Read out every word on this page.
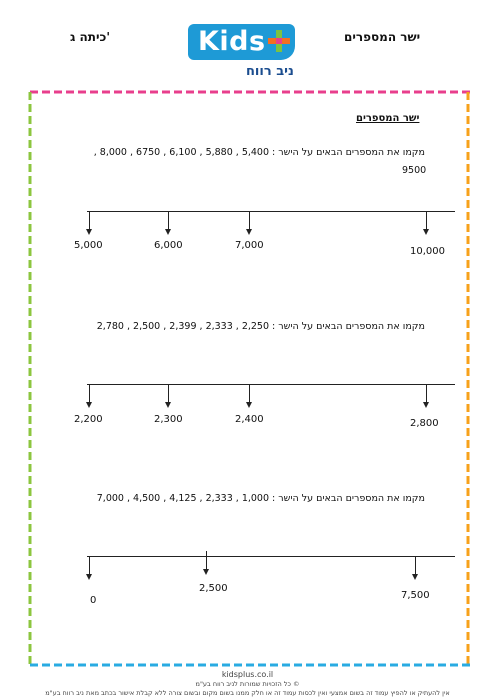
כיתה ג'	ישר המספרים
Kids
ניב רווח
ישר המספרים
מקמו את המספרים הבאים על הישר : 5,400 , 5,880 , 6,100 , 6750 , 8,000 ,
9500
5,000	6,000	7,000
10,000
מקמו את המספרים הבאים על הישר : 2,250 , 2,333 , 2,399 , 2,500 , 2,780
2,200	2,300	2,400	2,800
מקמו את המספרים הבאים על הישר : 1,000 , 2,333 , 4,125 , 4,500 , 7,000
0
2,500
7,500
kidsplus.co.il
© כל הזכויות שמורות לניב רווח בע"מ
אין להעתיק או להפיץ עמוד זה בשום אמצעי ואין לכסות עמוד זה או חלק ממנו בשום מקום ובשום צורה ללא קבלת אישור בכתב מאת ניב רווח בע"מ
